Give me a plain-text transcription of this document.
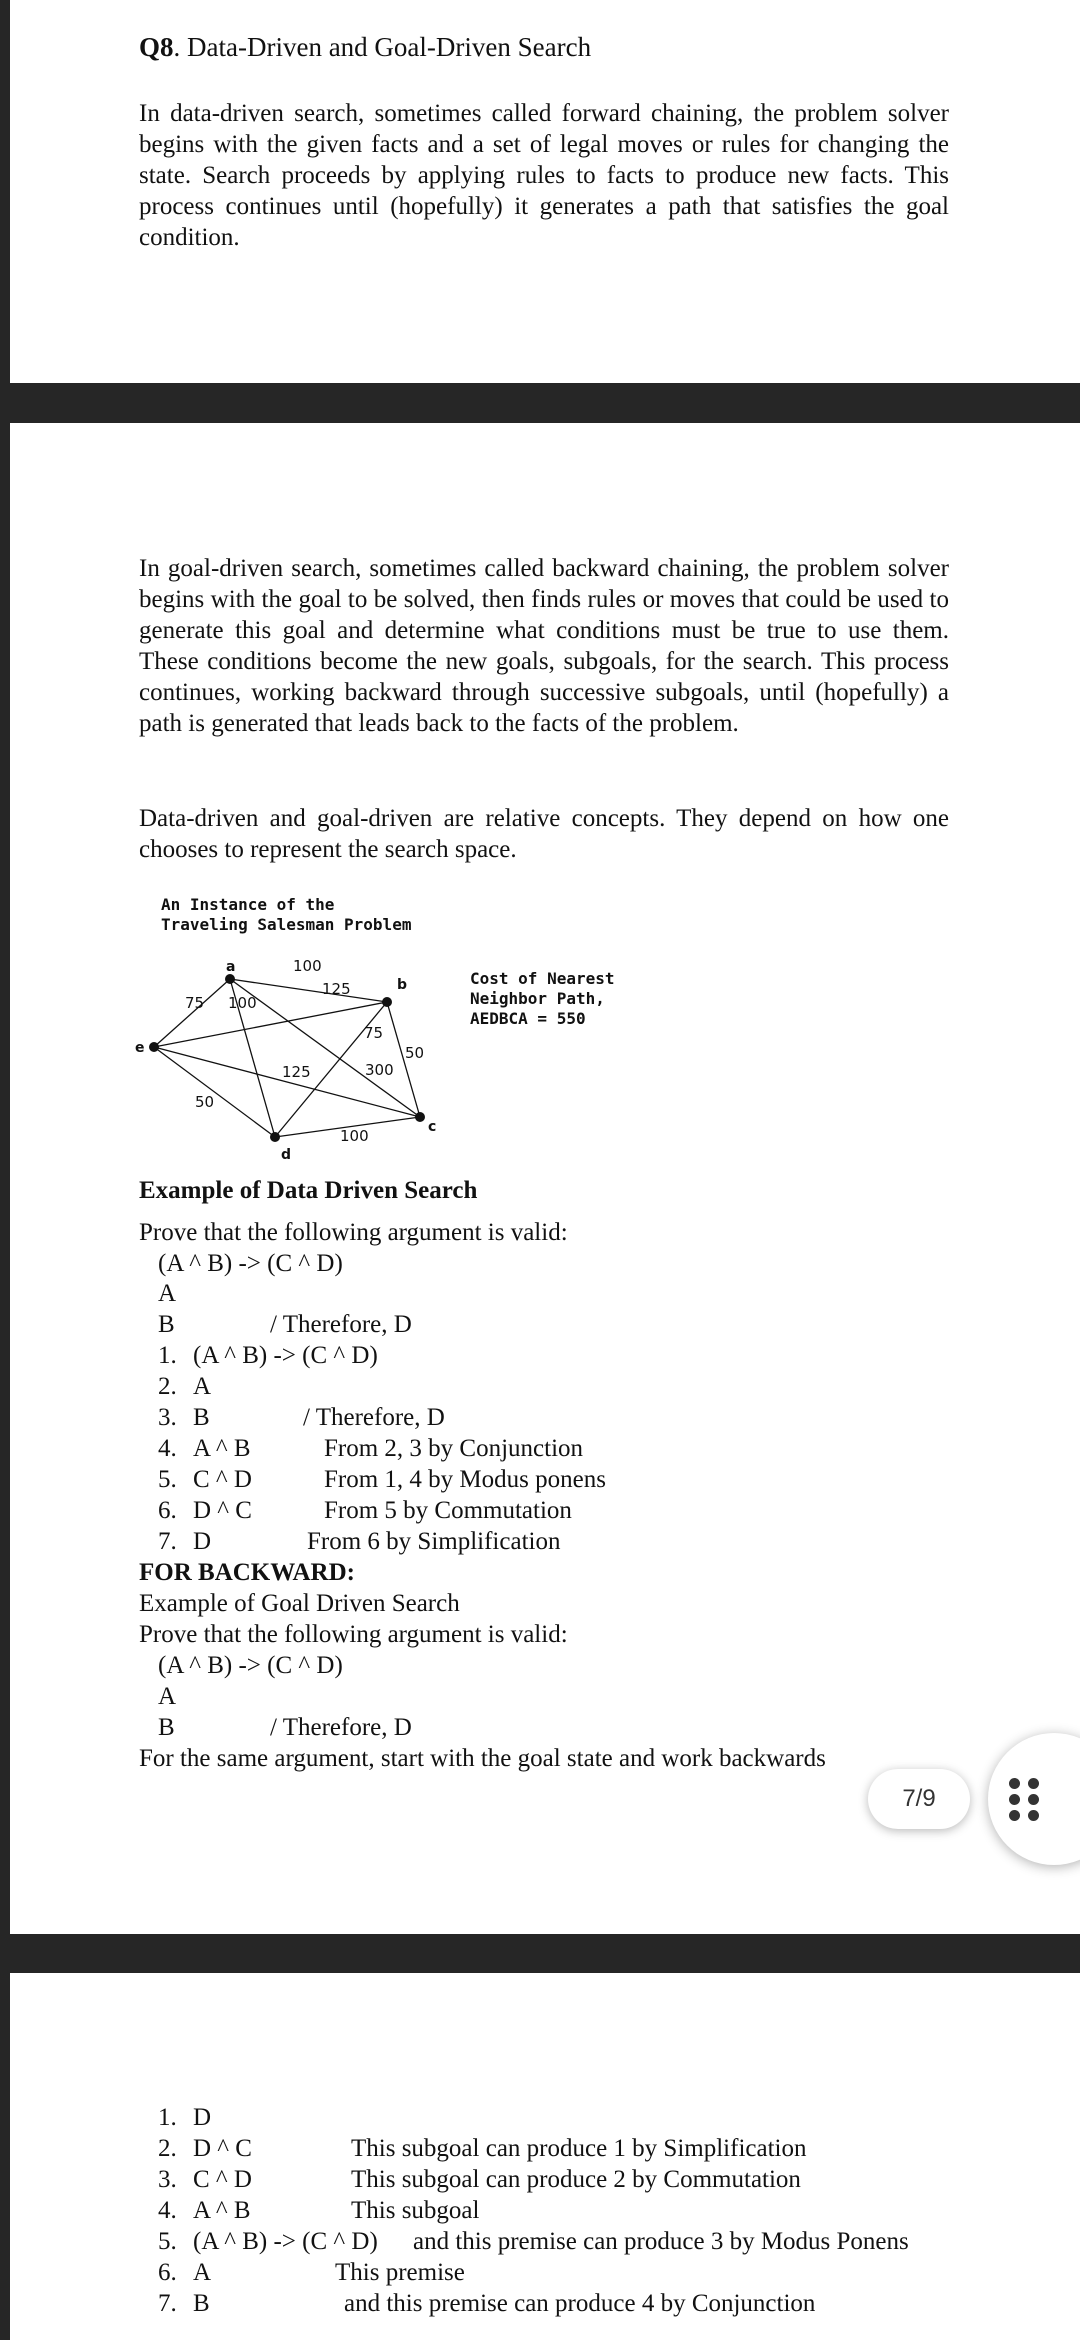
Q8. Data-Driven and Goal-Driven Search

In data-driven search, sometimes called forward chaining, the problem solver begins with the given facts and a set of legal moves or rules for changing the state. Search proceeds by applying rules to facts to produce new facts. This process continues until (hopefully) it generates a path that satisfies the goal condition.

In goal-driven search, sometimes called backward chaining, the problem solver begins with the goal to be solved, then finds rules or moves that could be used to generate this goal and determine what conditions must be true to use them. These conditions become the new goals, subgoals, for the search. This process continues, working backward through successive subgoals, until (hopefully) a path is generated that leads back to the facts of the problem.

Data-driven and goal-driven are relative concepts. They depend on how one chooses to represent the search space.

An Instance of the
Traveling Salesman Problem
a
b
c
d
e
100
125
75 100
75
50
300
125
50
100
Cost of Nearest
Neighbor Path,
AEDBCA = 550
Example of Data Driven Search
Prove that the following argument is valid:
(A ^ B) -> (C ^ D)
A
B	/ Therefore, D
1. (A ^ B) -> (C ^ D)
2. A
3. B	/ Therefore, D
4. A ^ B	From 2, 3 by Conjunction
5. C ^ D	From 1, 4 by Modus ponens
6. D ^ C	From 5 by Commutation
7. D	From 6 by Simplification
FOR BACKWARD:
Example of Goal Driven Search
Prove that the following argument is valid:
(A ^ B) -> (C ^ D)
A
B	/ Therefore, D
For the same argument, start with the goal state and work backwards
1. D
2. D ^ C	This subgoal can produce 1 by Simplification
3. C ^ D	This subgoal can produce 2 by Commutation
4. A ^ B	This subgoal
5. (A ^ B) -> (C ^ D) and this premise can produce 3 by Modus Ponens
6. A	This premise
7. B	and this premise can produce 4 by Conjunction
7/9
